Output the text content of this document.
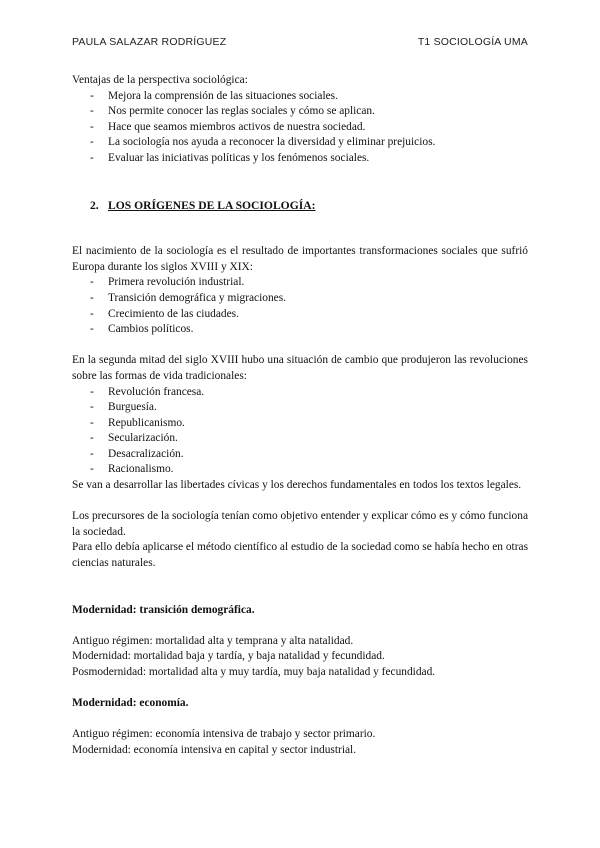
PAULA SALAZAR RODRÍGUEZ	T1 SOCIOLOGÍA UMA

Ventajas de la perspectiva sociológica:

- Mejora la comprensión de las situaciones sociales.
- Nos permite conocer las reglas sociales y cómo se aplican.
- Hace que seamos miembros activos de nuestra sociedad.
- La sociología nos ayuda a reconocer la diversidad y eliminar prejuicios.
- Evaluar las iniciativas políticas y los fenómenos sociales.

2. LOS ORÍGENES DE LA SOCIOLOGÍA:

El nacimiento de la sociología es el resultado de importantes transformaciones sociales que sufrió Europa durante los siglos XVIII y XIX:

- Primera revolución industrial.
- Transición demográfica y migraciones.
- Crecimiento de las ciudades.
- Cambios políticos.

En la segunda mitad del siglo XVIII hubo una situación de cambio que produjeron las revoluciones sobre las formas de vida tradicionales:

- Revolución francesa.
- Burguesía.
- Republicanismo.
- Secularización.
- Desacralización.
- Racionalismo.

Se van a desarrollar las libertades cívicas y los derechos fundamentales en todos los textos legales.

Los precursores de la sociología tenían como objetivo entender y explicar cómo es y cómo funciona la sociedad.

Para ello debía aplicarse el método científico al estudio de la sociedad como se había hecho en otras ciencias naturales.

Modernidad: transición demográfica.

Antiguo régimen: mortalidad alta y temprana y alta natalidad.

Modernidad: mortalidad baja y tardía, y baja natalidad y fecundidad.

Posmodernidad: mortalidad alta y muy tardía, muy baja natalidad y fecundidad.

Modernidad: economía.

Antiguo régimen: economía intensiva de trabajo y sector primario.

Modernidad: economía intensiva en capital y sector industrial.
